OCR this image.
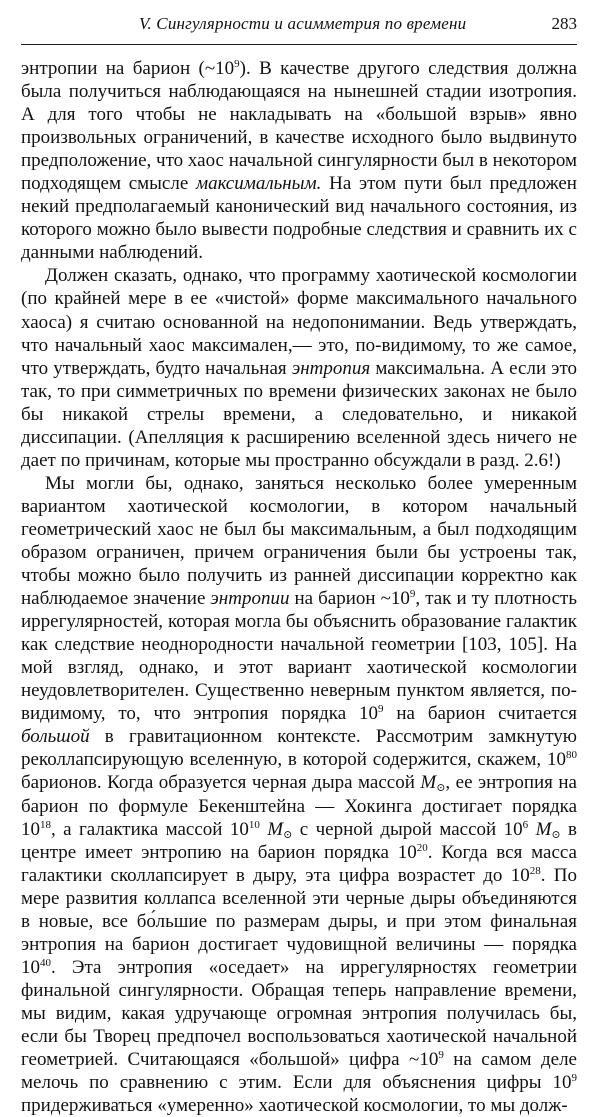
V. Сингулярности и асимметрия по времени	283

энтропии на барион $(\sim 10^9)$. В качестве другого следствия должна была получиться наблюдающаяся на нынешней стадии изотропия. А для того чтобы не накладывать на «большой взрыв» явно произвольных ограничений, в качестве исходного было выдвинуто предположение, что хаос начальной сингулярности был в некотором подходящем смысле максимальным. На этом пути был предложен некий предполагаемый канонический вид начального состояния, из которого можно было вывести подробные следствия и сравнить их с данными наблюдений.

Должен сказать, однако, что программу хаотической космологии (по крайней мере в ее «чистой» форме максимального начального хаоса) я считаю основанной на недопонимании. Ведь утверждать, что начальный хаос максимален,— это, по-видимому, то же самое, что утверждать, будто начальная энтропия максимальна. А если это так, то при симметричных по времени физических законах не было бы никакой стрелы времени, а следовательно, и никакой диссипации. (Апелляция к расширению вселенной здесь ничего не дает по причинам, которые мы пространно обсуждали в разд. 2.6!)

Мы могли бы, однако, заняться несколько более умеренным вариантом хаотической космологии, в котором начальный геометрический хаос не был бы максимальным, а был подходящим образом ограничен, причем ограничения были бы устроены так, чтобы можно было получить из ранней диссипации корректно как наблюдаемое значение энтропии на барион $\sim 10^9$, так и ту плотность иррегулярностей, которая могла бы объяснить образование галактик как следствие неоднородности начальной геометрии [103, 105]. На мой взгляд, однако, и этот вариант хаотической космологии неудовлетворителен. Существенно неверным пунктом является, по-видимому, то, что энтропия порядка $10^9$ на барион считается большой в гравитационном контексте. Рассмотрим замкнутую реколлапсирующую вселенную, в которой содержится, скажем, $10^{80}$ барионов. Когда образуется черная дыра массой $M_⊙$, ее энтропия на барион по формуле Бекенштейна — Хокинга достигает порядка $10^{18}$, а галактика массой $10^{10}$ $M_⊙$ с черной дырой массой $10^6$ $M_⊙$ в центре имеет энтропию на барион порядка $10^{20}$. Когда вся масса галактики сколлапсирует в дыру, эта цифра возрастет до $10^{28}$. По мере развития коллапса вселенной эти черные дыры объединяются в новые, все бо́льшие по размерам дыры, и при этом финальная энтропия на барион достигает чудовищной величины — порядка $10^{40}$. Эта энтропия «оседает» на иррегулярностях геометрии финальной сингулярности. Обращая теперь направление времени, мы видим, какая удручающе огромная энтропия получилась бы, если бы Творец предпочел воспользоваться хаотической начальной геометрией. Считающаяся «большой» цифра $\sim 10^9$ на самом деле мелочь по сравнению с этим. Если для объяснения цифры $10^9$ придерживаться «умеренно» хаотической космологии, то мы долж-
